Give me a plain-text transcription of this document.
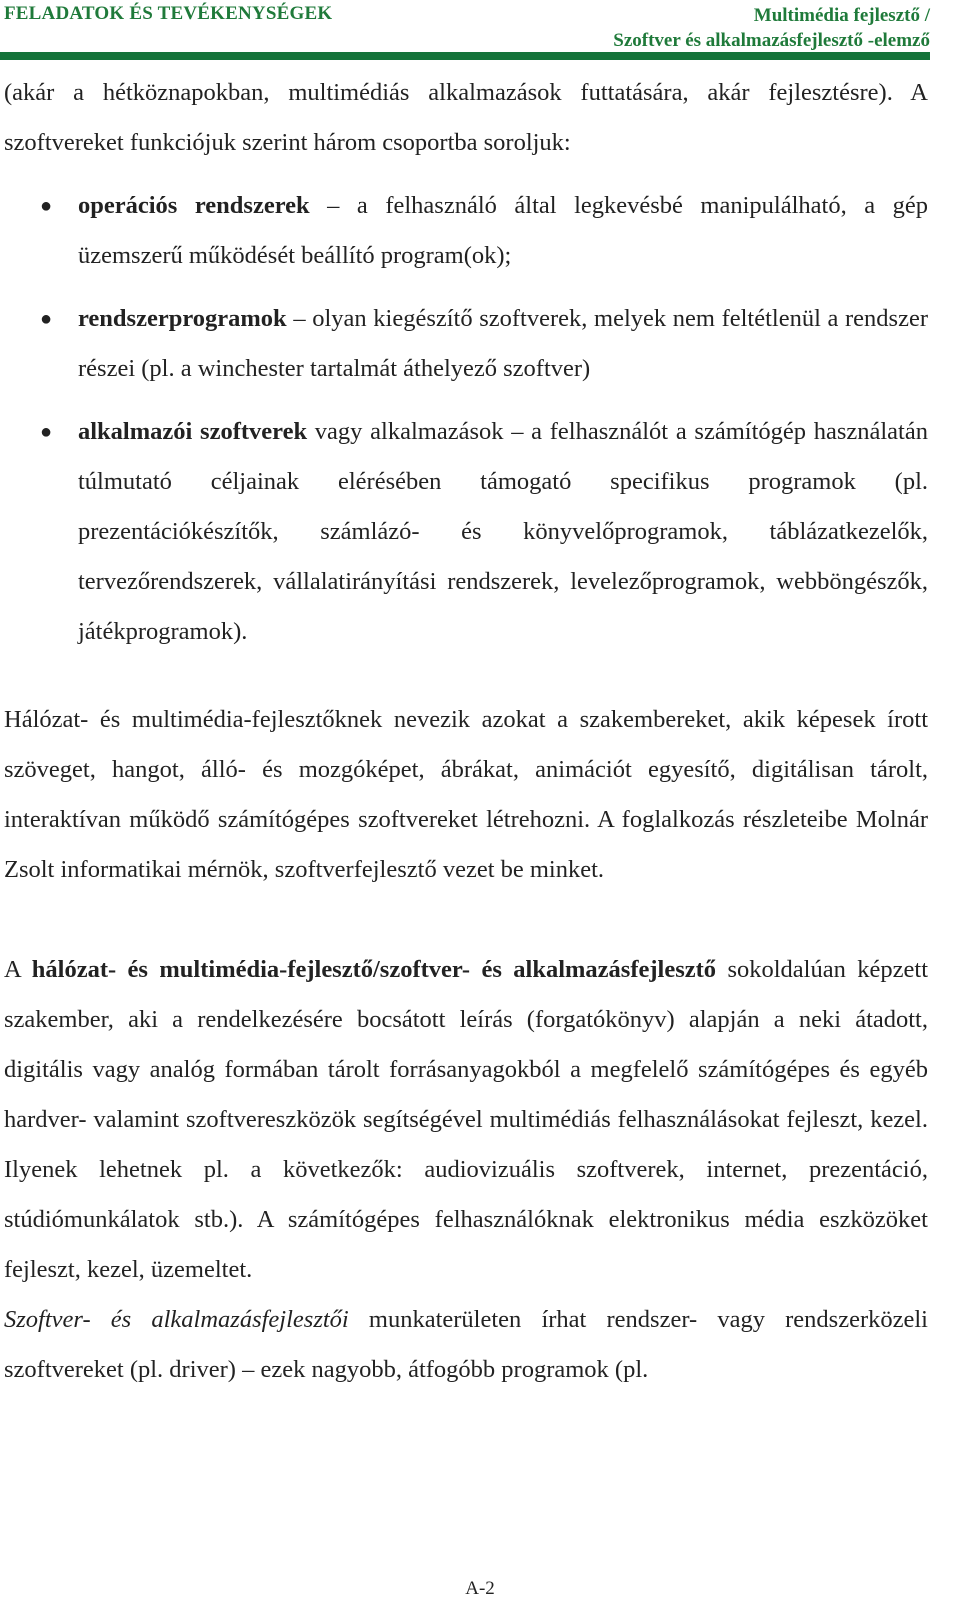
FELADATOK ÉS TEVÉKENYSÉGEK	Multimédia fejlesztő /
Szoftver és alkalmazásfejlesztő -elemző

(akár a hétköznapokban, multimédiás alkalmazások futtatására, akár fejlesztésre). A szoftvereket funkciójuk szerint három csoportba soroljuk:

● operációs rendszerek – a felhasználó által legkevésbé manipulálható, a gép üzemszerű működését beállító program(ok);
● rendszerprogramok – olyan kiegészítő szoftverek, melyek nem feltétlenül a rendszer részei (pl. a winchester tartalmát áthelyező szoftver)
● alkalmazói szoftverek vagy alkalmazások – a felhasználót a számítógép használatán túlmutató céljainak elérésében támogató specifikus programok (pl. prezentációkészítők, számlázó- és könyvelőprogramok, táblázatkezelők, tervezőrendszerek, vállalatirányítási rendszerek, levelezőprogramok, webböngészők, játékprogramok).

Hálózat- és multimédia-fejlesztőknek nevezik azokat a szakembereket, akik képesek írott szöveget, hangot, álló- és mozgóképet, ábrákat, animációt egyesítő, digitálisan tárolt, interaktívan működő számítógépes szoftvereket létrehozni. A foglalkozás részleteibe Molnár Zsolt informatikai mérnök, szoftverfejlesztő vezet be minket.

A hálózat- és multimédia-fejlesztő/szoftver- és alkalmazásfejlesztő sokoldalúan képzett szakember, aki a rendelkezésére bocsátott leírás (forgatókönyv) alapján a neki átadott, digitális vagy analóg formában tárolt forrásanyagokból a megfelelő számítógépes és egyéb hardver- valamint szoftvereszközök segítségével multimédiás felhasználásokat fejleszt, kezel. Ilyenek lehetnek pl. a következők: audiovizuális szoftverek, internet, prezentáció, stúdiómunkálatok stb.). A számítógépes felhasználóknak elektronikus média eszközöket fejleszt, kezel, üzemeltet.

Szoftver- és alkalmazásfejlesztői munkaterületen írhat rendszer- vagy rendszerközeli szoftvereket (pl. driver) – ezek nagyobb, átfogóbb programok (pl.

A-2
